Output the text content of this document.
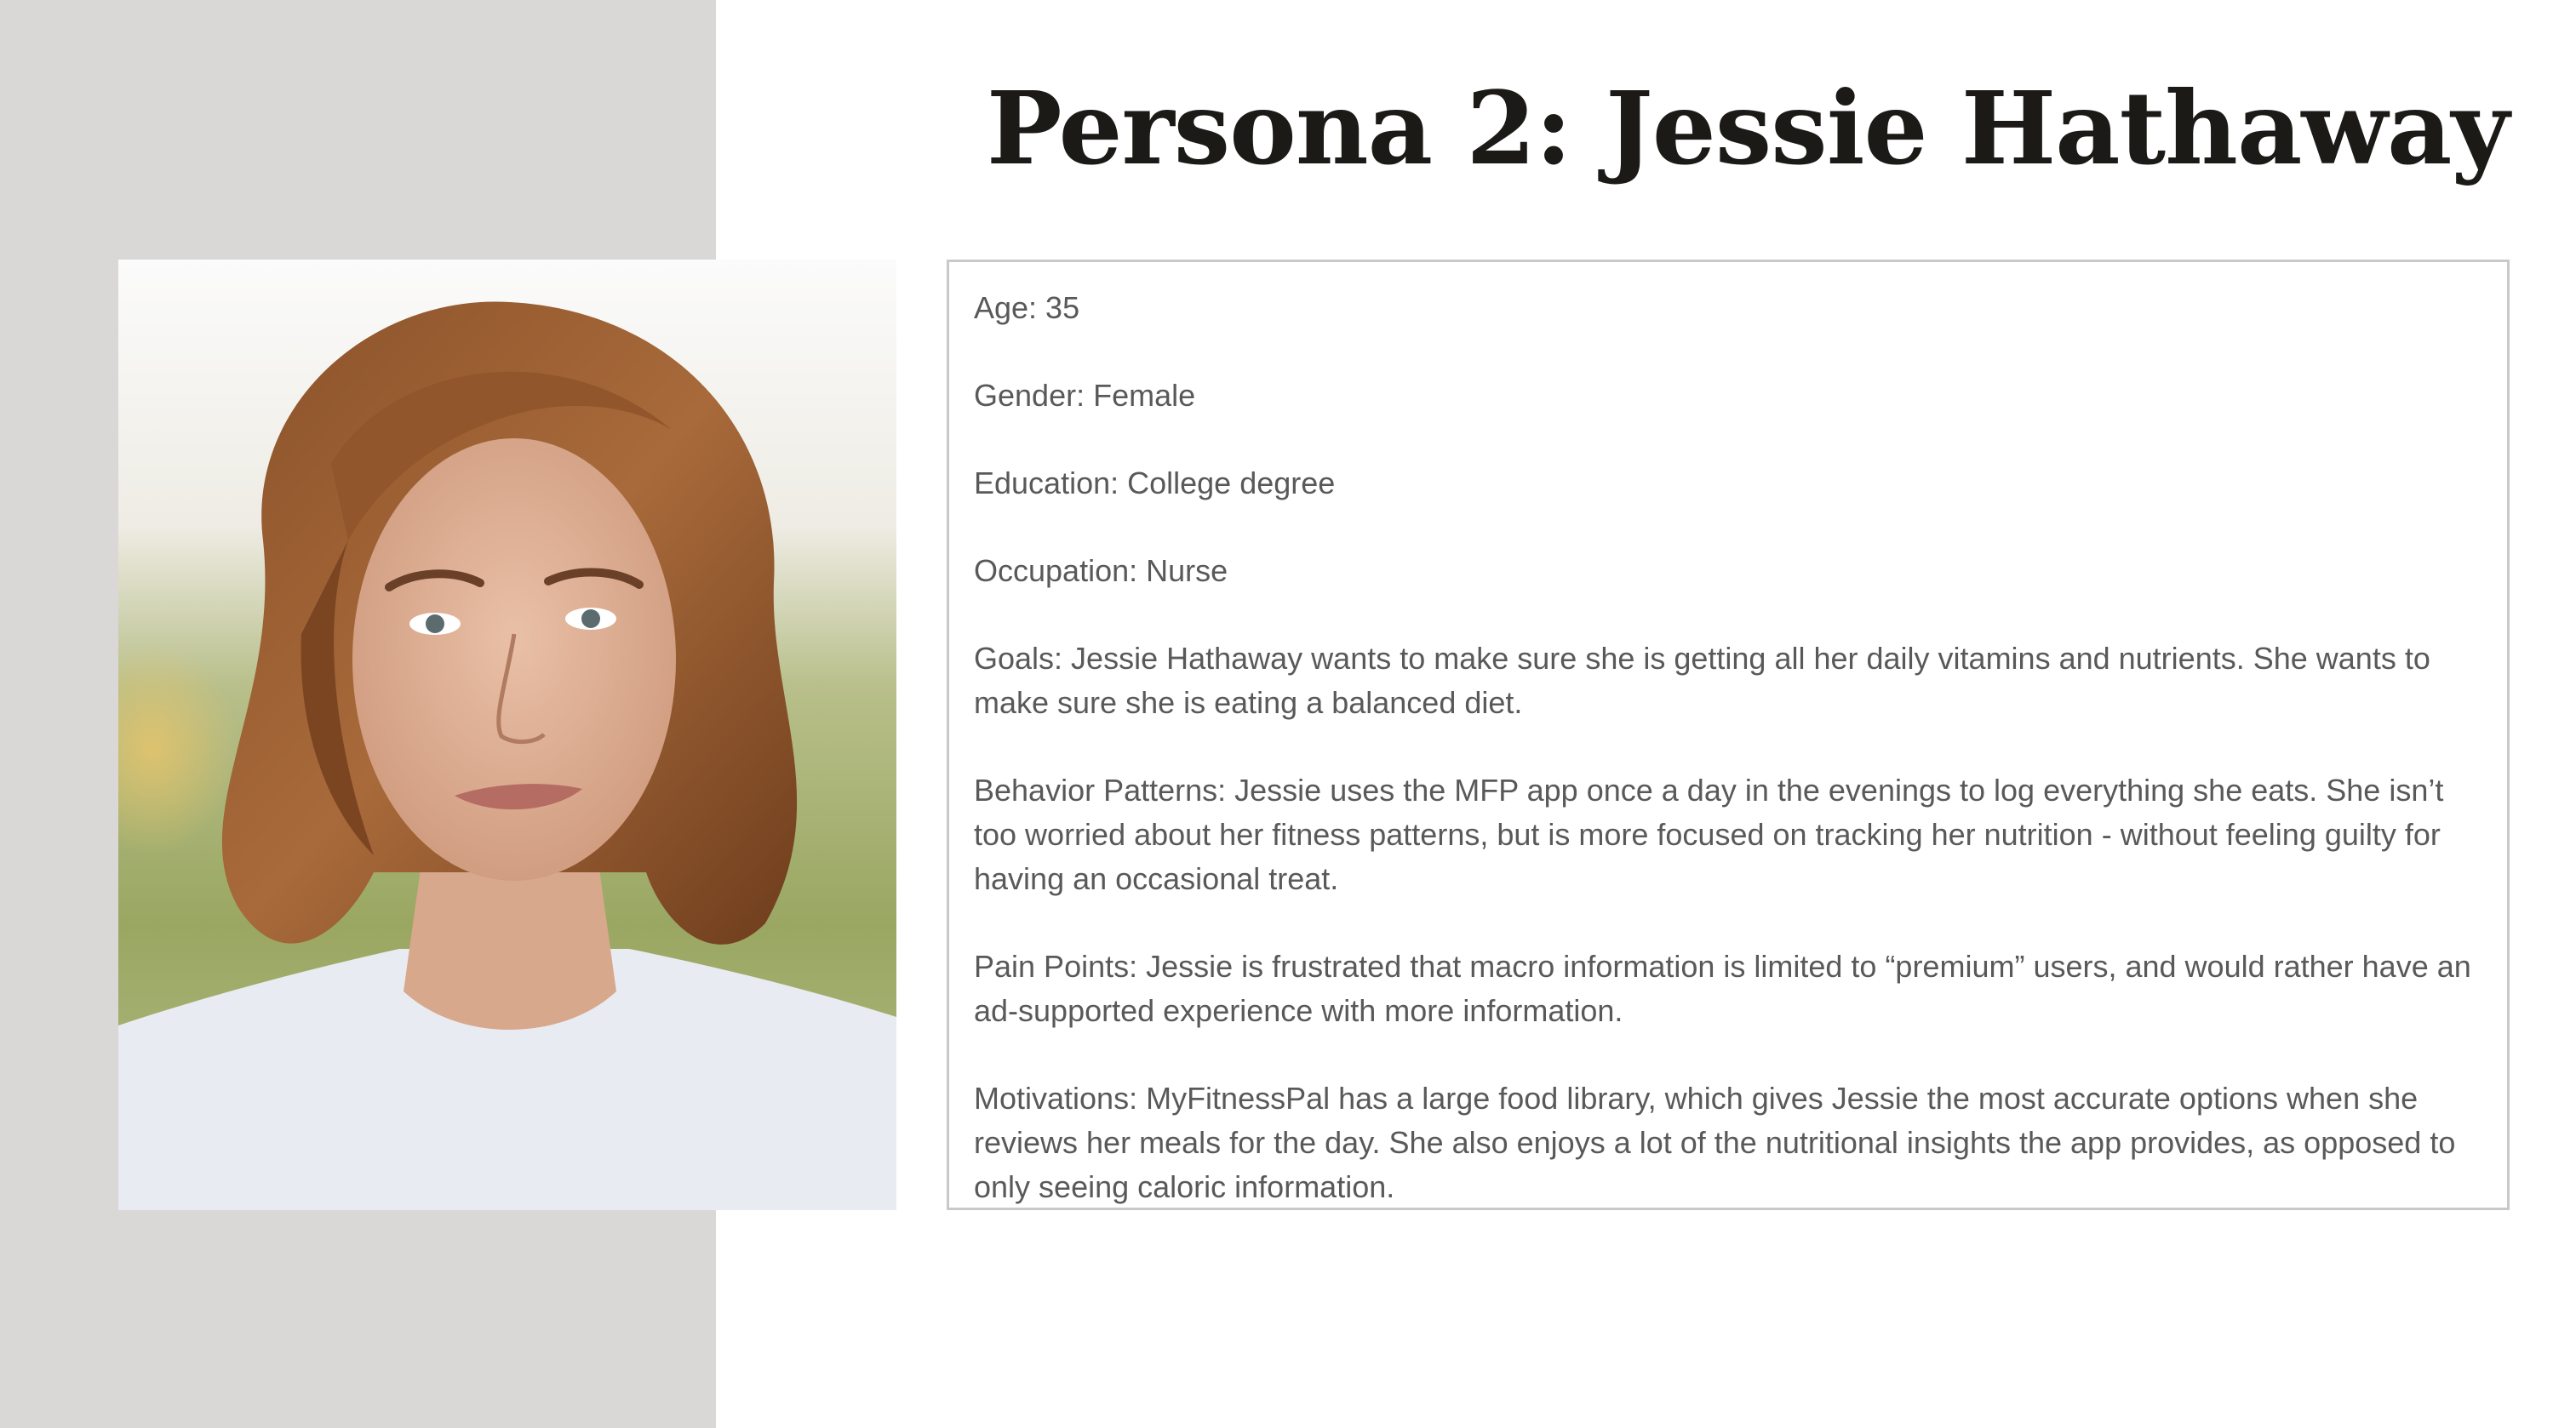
Persona 2: Jessie Hathaway

Age: 35

Gender: Female

Education: College degree

Occupation: Nurse

Goals: Jessie Hathaway wants to make sure she is getting all her daily vitamins and nutrients. She wants to make sure she is eating a balanced diet.

Behavior Patterns: Jessie uses the MFP app once a day in the evenings to log everything she eats. She isn’t too worried about her fitness patterns, but is more focused on tracking her nutrition - without feeling guilty for having an occasional treat.

Pain Points: Jessie is frustrated that macro information is limited to “premium” users, and would rather have an ad-supported experience with more information.

Motivations: MyFitnessPal has a large food library, which gives Jessie the most accurate options when she reviews her meals for the day. She also enjoys a lot of the nutritional insights the app provides, as opposed to only seeing caloric information.
